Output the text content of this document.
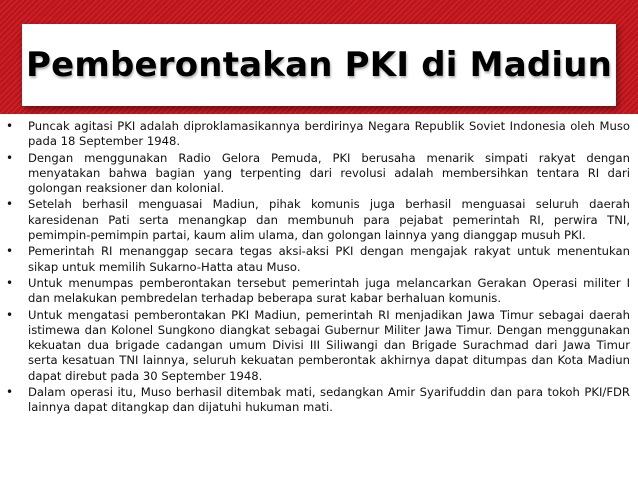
Pemberontakan PKI di Madiun
• Puncak agitasi PKI adalah diproklamasikannya berdirinya Negara Republik Soviet Indonesia oleh Muso pada 18 September 1948.
• Dengan menggunakan Radio Gelora Pemuda, PKI berusaha menarik simpati rakyat dengan menyatakan bahwa bagian yang terpenting dari revolusi adalah membersihkan tentara RI dari golongan reaksioner dan kolonial.
• Setelah berhasil menguasai Madiun, pihak komunis juga berhasil menguasai seluruh daerah karesidenan Pati serta menangkap dan membunuh para pejabat pemerintah RI, perwira TNI, pemimpin-pemimpin partai, kaum alim ulama, dan golongan lainnya yang dianggap musuh PKI.
• Pemerintah RI menanggap secara tegas aksi-aksi PKI dengan mengajak rakyat untuk menentukan sikap untuk memilih Sukarno-Hatta atau Muso.
• Untuk menumpas pemberontakan tersebut pemerintah juga melancarkan Gerakan Operasi militer I dan melakukan pembredelan terhadap beberapa surat kabar berhaluan komunis.
• Untuk mengatasi pemberontakan PKI Madiun, pemerintah RI menjadikan Jawa Timur sebagai daerah istimewa dan Kolonel Sungkono diangkat sebagai Gubernur Militer Jawa Timur. Dengan menggunakan kekuatan dua brigade cadangan umum Divisi III Siliwangi dan Brigade Surachmad dari Jawa Timur serta kesatuan TNI lainnya, seluruh kekuatan pemberontak akhirnya dapat ditumpas dan Kota Madiun dapat direbut pada 30 September 1948.
• Dalam operasi itu, Muso berhasil ditembak mati, sedangkan Amir Syarifuddin dan para tokoh PKI/FDR lainnya dapat ditangkap dan dijatuhi hukuman mati.
